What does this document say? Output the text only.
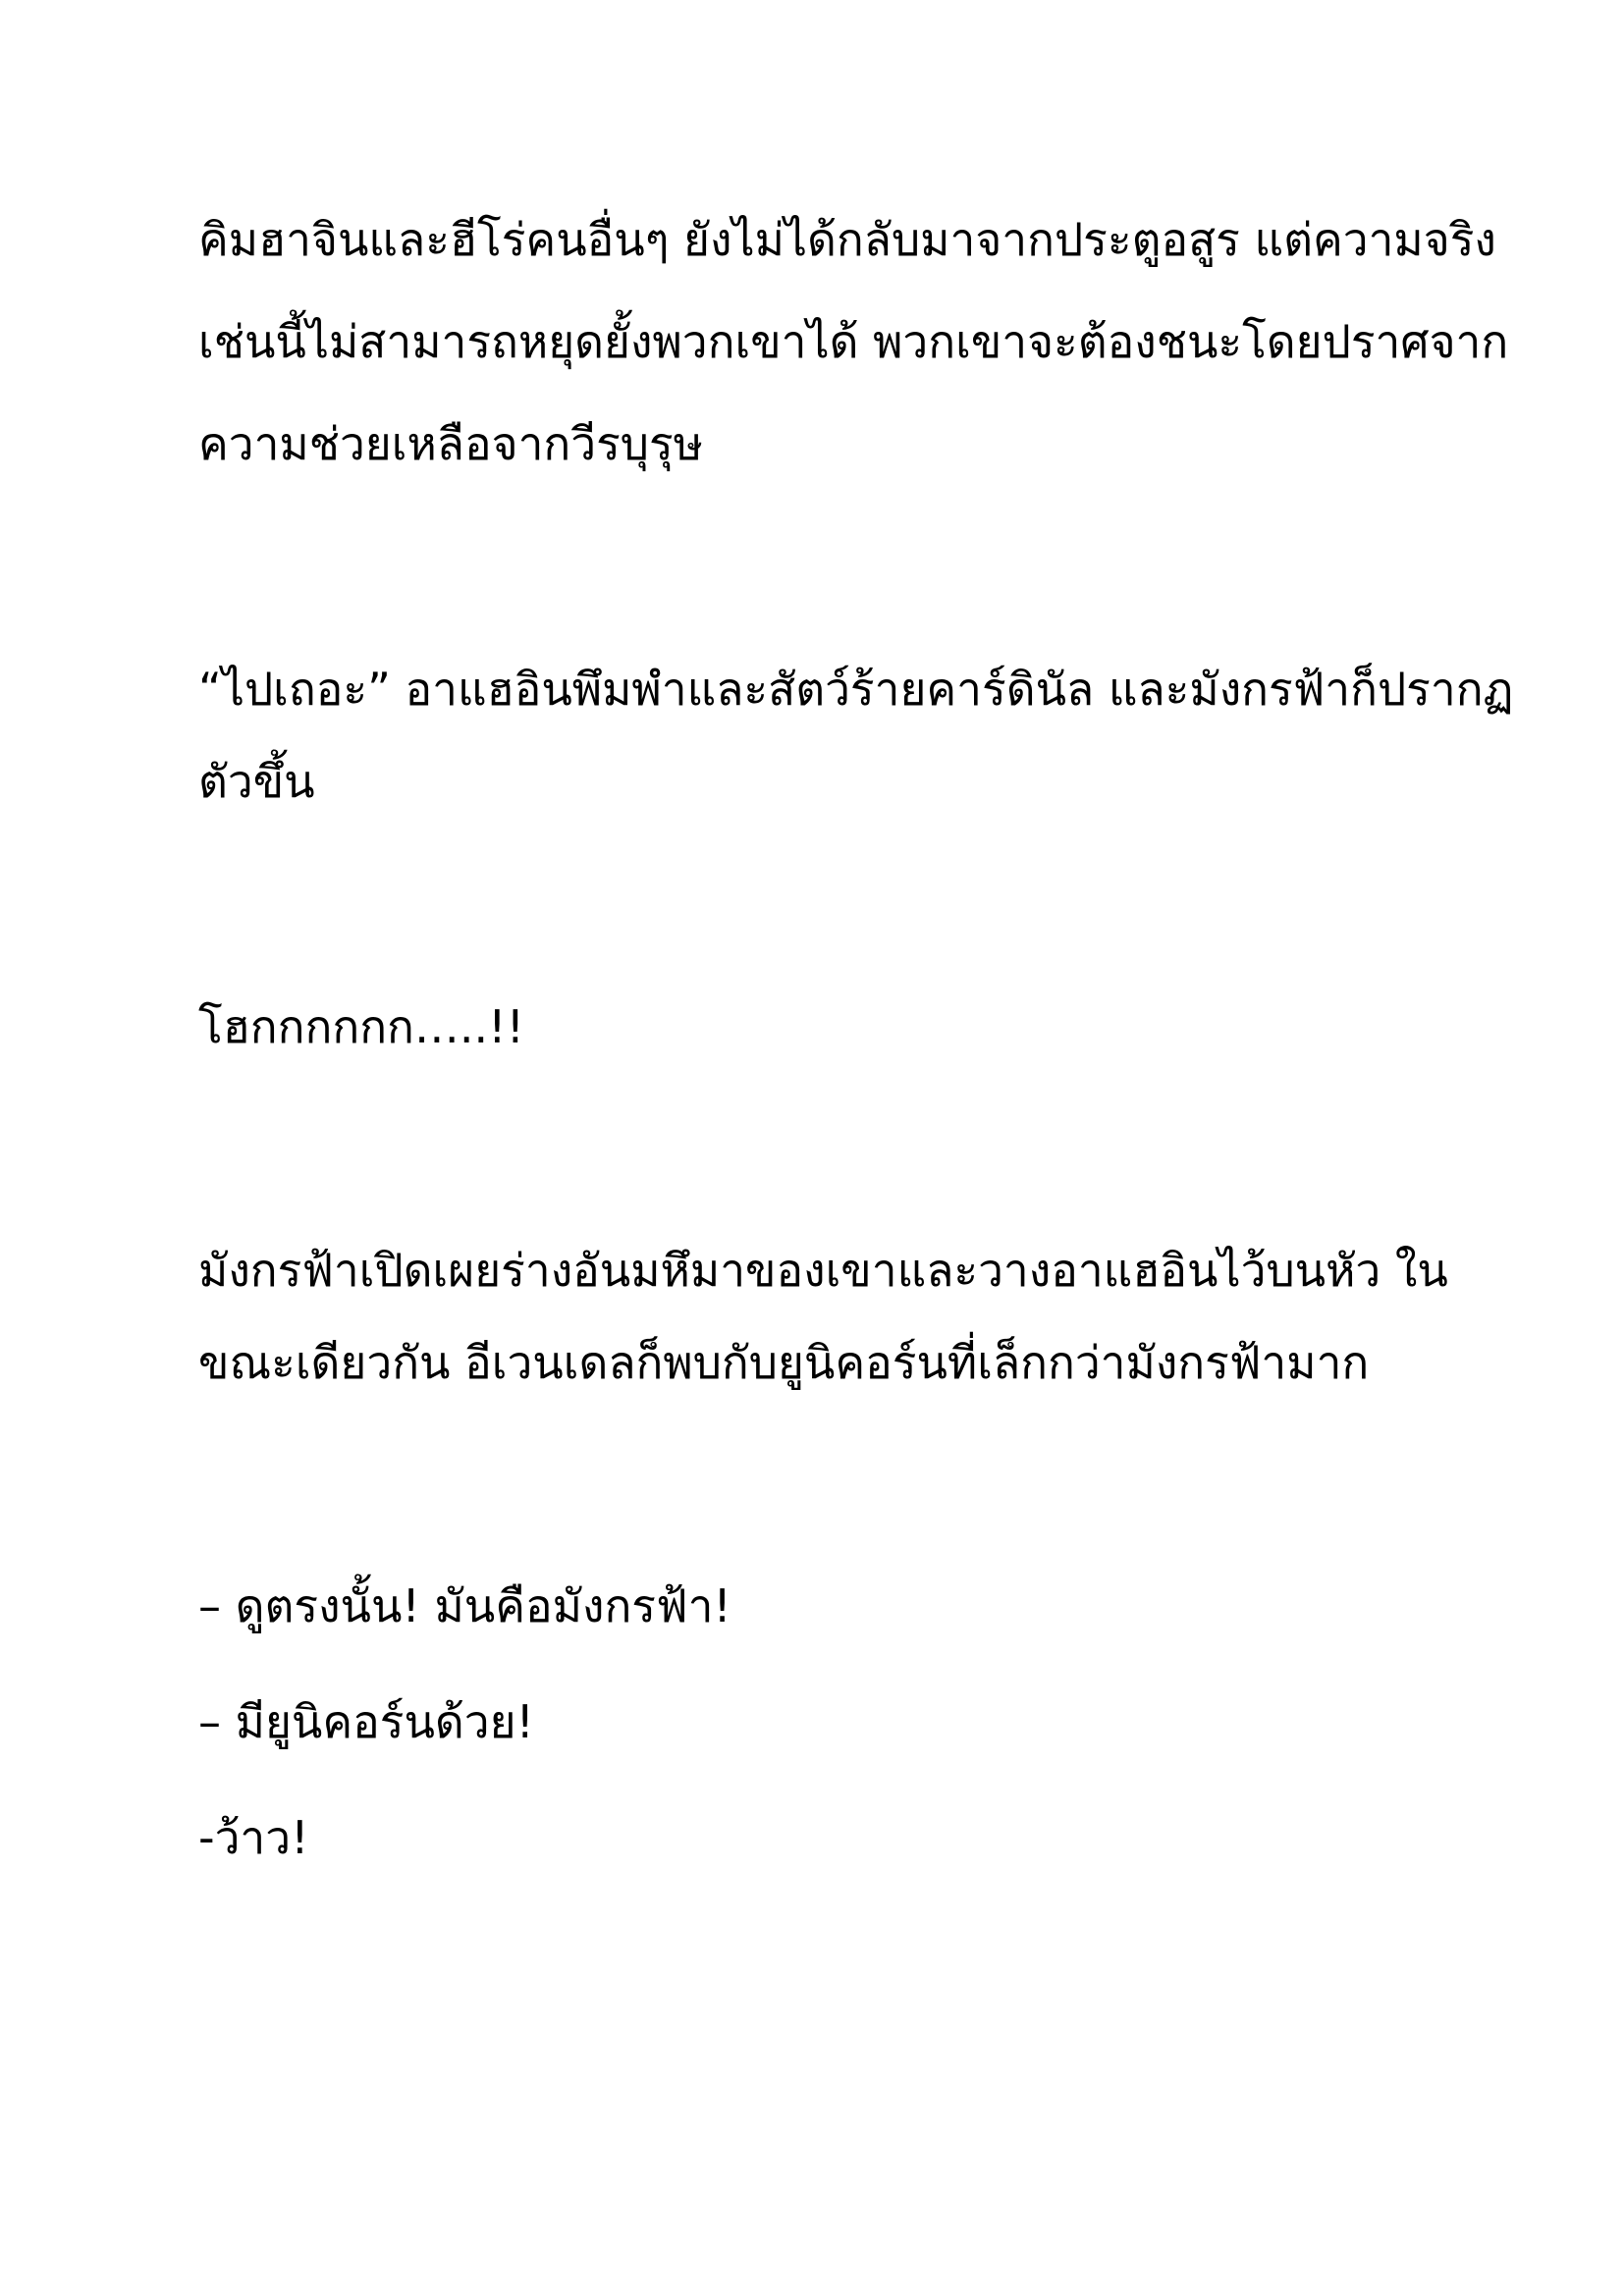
คิมฮาจินและฮีโร่คนอื่นๆ ยังไม่ได้กลับมาจากประตูอสูร แต่ความจริง

เช่นนี้ไม่สามารถหยุดยั้งพวกเขาได้ พวกเขาจะต้องชนะโดยปราศจาก

ความช่วยเหลือจากวีรบุรุษ

“ไปเถอะ” อาแฮอินพึมพำและสัตว์ร้ายคาร์ดินัล และมังกรฟ้าก็ปรากฏ

ตัวขึ้น

โฮกกกกกก…..!!

มังกรฟ้าเปิดเผยร่างอันมหึมาของเขาและวางอาแฮอินไว้บนหัว ใน

ขณะเดียวกัน อีเวนเดลก็พบกับยูนิคอร์นที่เล็กกว่ามังกรฟ้ามาก

– ดูตรงนั้น! มันคือมังกรฟ้า!

– มียูนิคอร์นด้วย!

-ว้าว!
